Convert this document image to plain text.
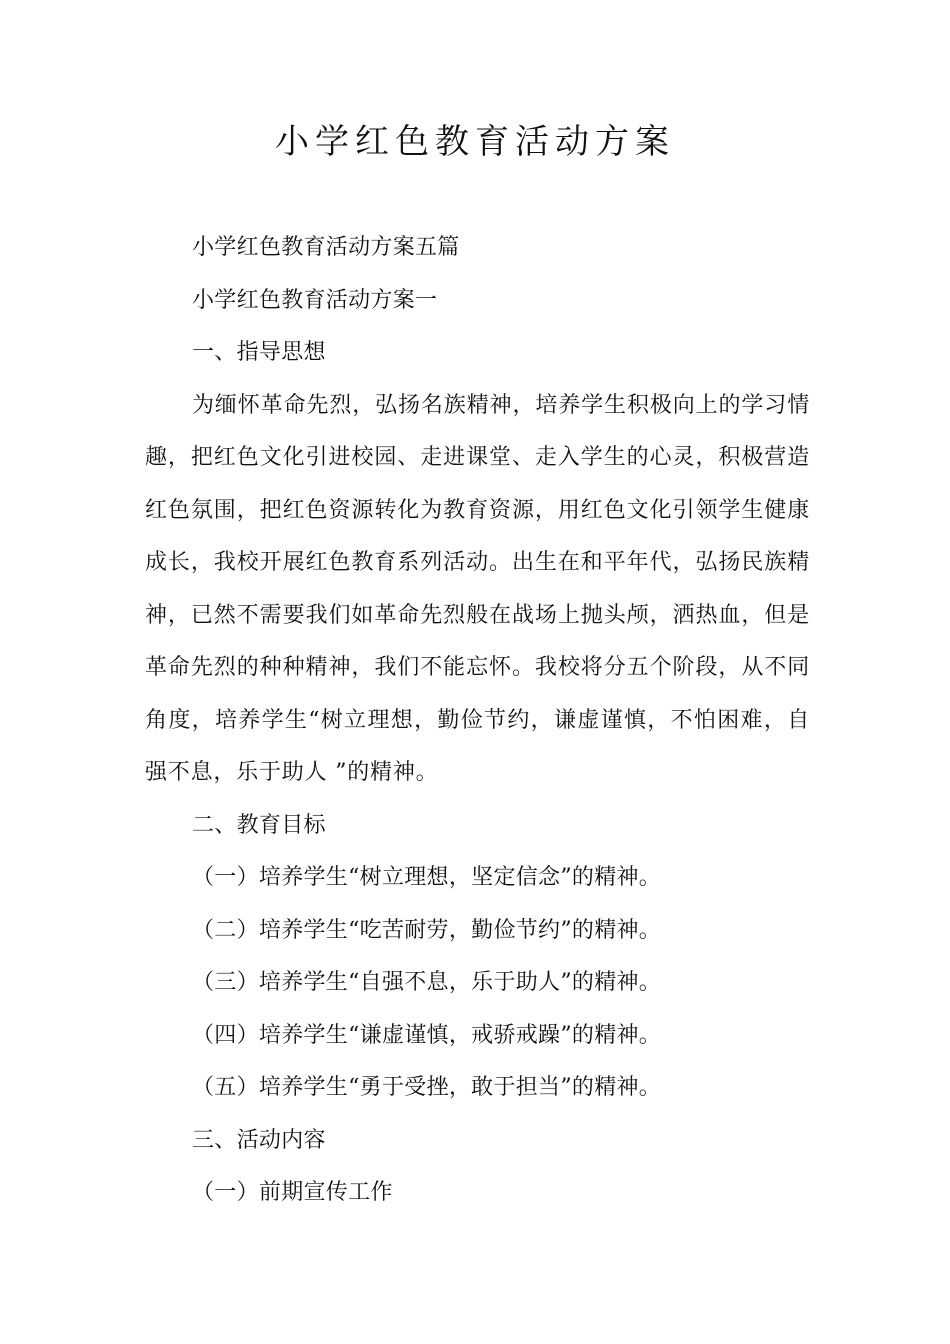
小学红色教育活动方案
小学红色教育活动方案五篇
小学红色教育活动方案一
一、指导思想

为缅怀革命先烈，弘扬名族精神，培养学生积极向上的学习情趣，把红色文化引进校园、走进课堂、走入学生的心灵，积极营造红色氛围，把红色资源转化为教育资源，用红色文化引领学生健康成长，我校开展红色教育系列活动。出生在和平年代，弘扬民族精神，已然不需要我们如革命先烈般在战场上抛头颅，洒热血，但是革命先烈的种种精神，我们不能忘怀。我校将分五个阶段，从不同角度，培养学生“树立理想，勤俭节约，谦虚谨慎，不怕困难，自强不息，乐于助人 ”的精神。

二、教育目标
（一）培养学生“树立理想，坚定信念”的精神。
（二）培养学生“吃苦耐劳，勤俭节约”的精神。
（三）培养学生“自强不息，乐于助人”的精神。
（四）培养学生“谦虚谨慎，戒骄戒躁”的精神。
（五）培养学生“勇于受挫，敢于担当”的精神。
三、活动内容
（一）前期宣传工作
